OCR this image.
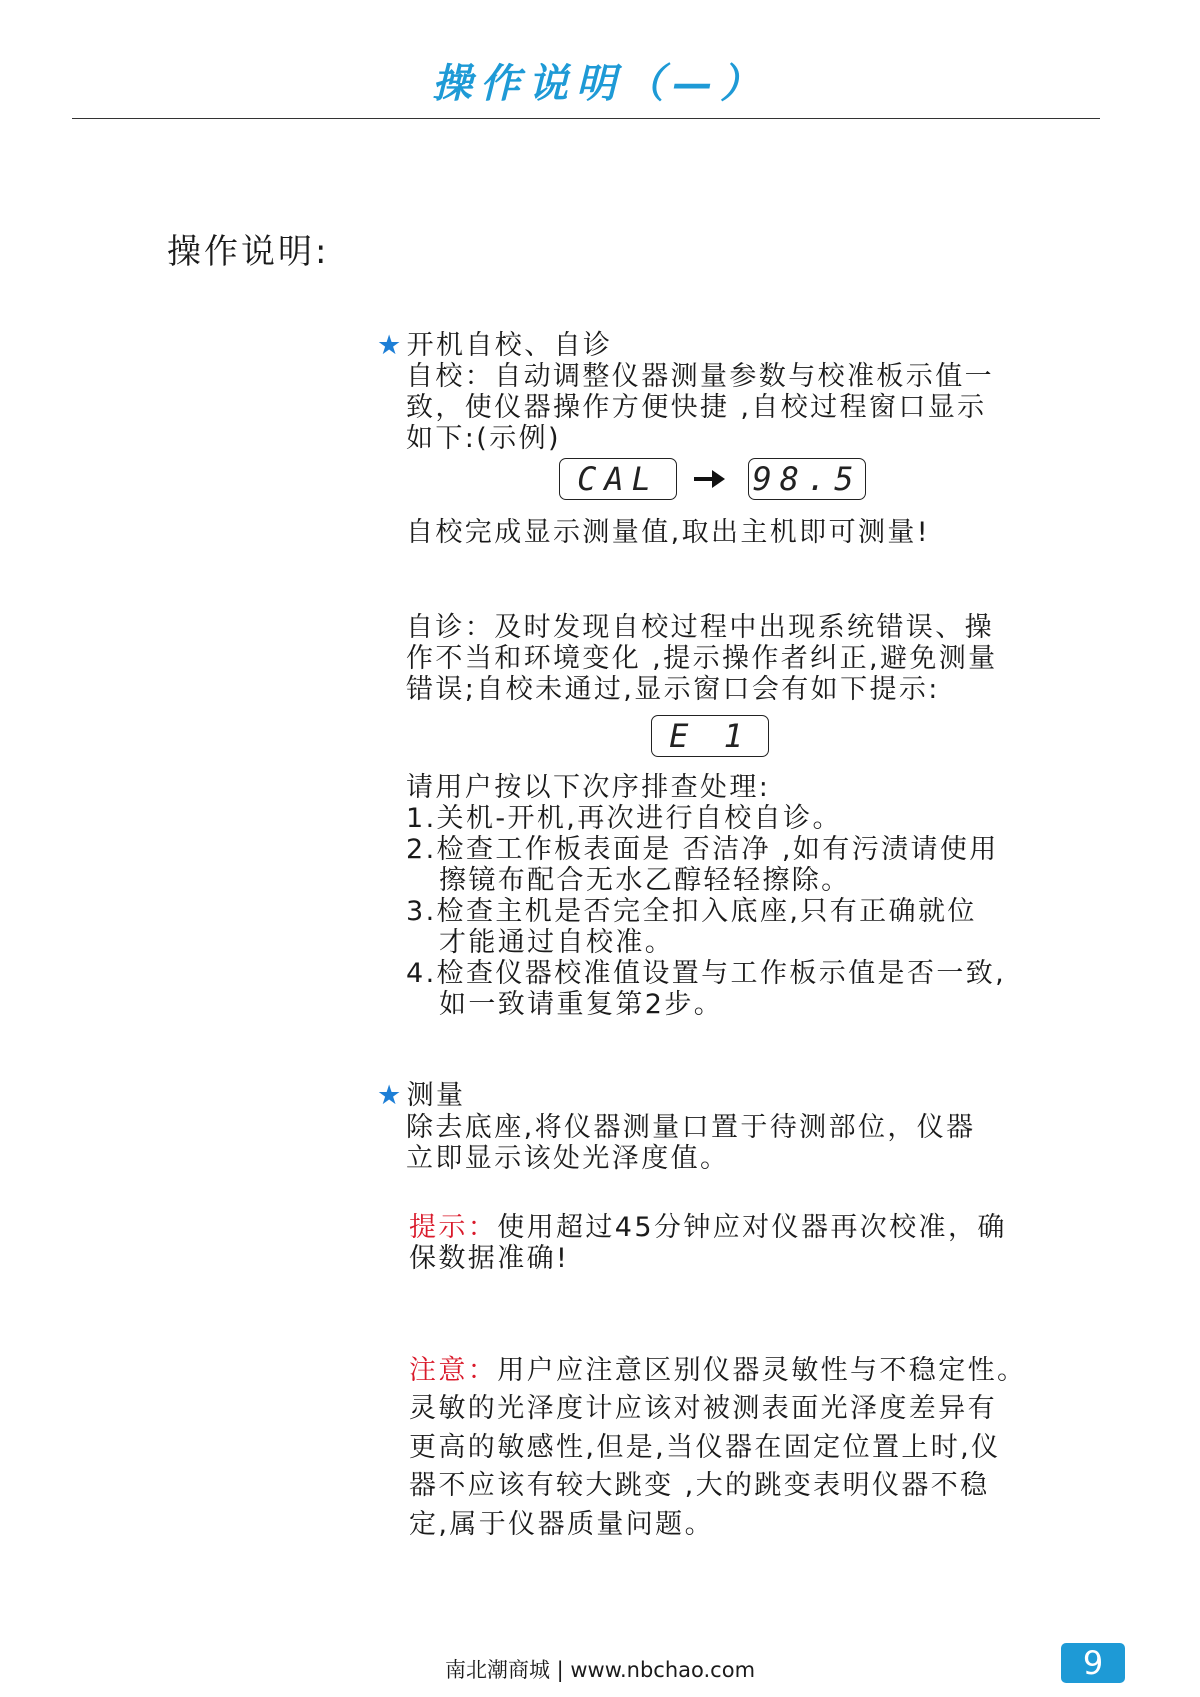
操作说明（—）
操作说明:
★ 开机自校、自诊
自校：自动调整仪器测量参数与校准板示值一
致，使仪器操作方便快捷 ,自校过程窗口显示
如下:(示例)
CAL	98.5
自校完成显示测量值,取出主机即可测量!
自诊：及时发现自校过程中出现系统错误、操
作不当和环境变化 ,提示操作者纠正,避免测量
错误;自校未通过,显示窗口会有如下提示:
E 1
请用户按以下次序排查处理:
1.关机-开机,再次进行自校自诊。
2.检查工作板表面是 否洁净 ,如有污渍请使用
擦镜布配合无水乙醇轻轻擦除。
3.检查主机是否完全扣入底座,只有正确就位
才能通过自校准。
4.检查仪器校准值设置与工作板示值是否一致,
如一致请重复第2步。
★ 测量
除去底座,将仪器测量口置于待测部位，仪器
立即显示该处光泽度值。
提示：使用超过45分钟应对仪器再次校准，确
保数据准确!
注意：用户应注意区别仪器灵敏性与不稳定性。
灵敏的光泽度计应该对被测表面光泽度差异有
更高的敏感性,但是,当仪器在固定位置上时,仪
器不应该有较大跳变 ,大的跳变表明仪器不稳
定,属于仪器质量问题。
南北潮商城 | www.nbchao.com	9
